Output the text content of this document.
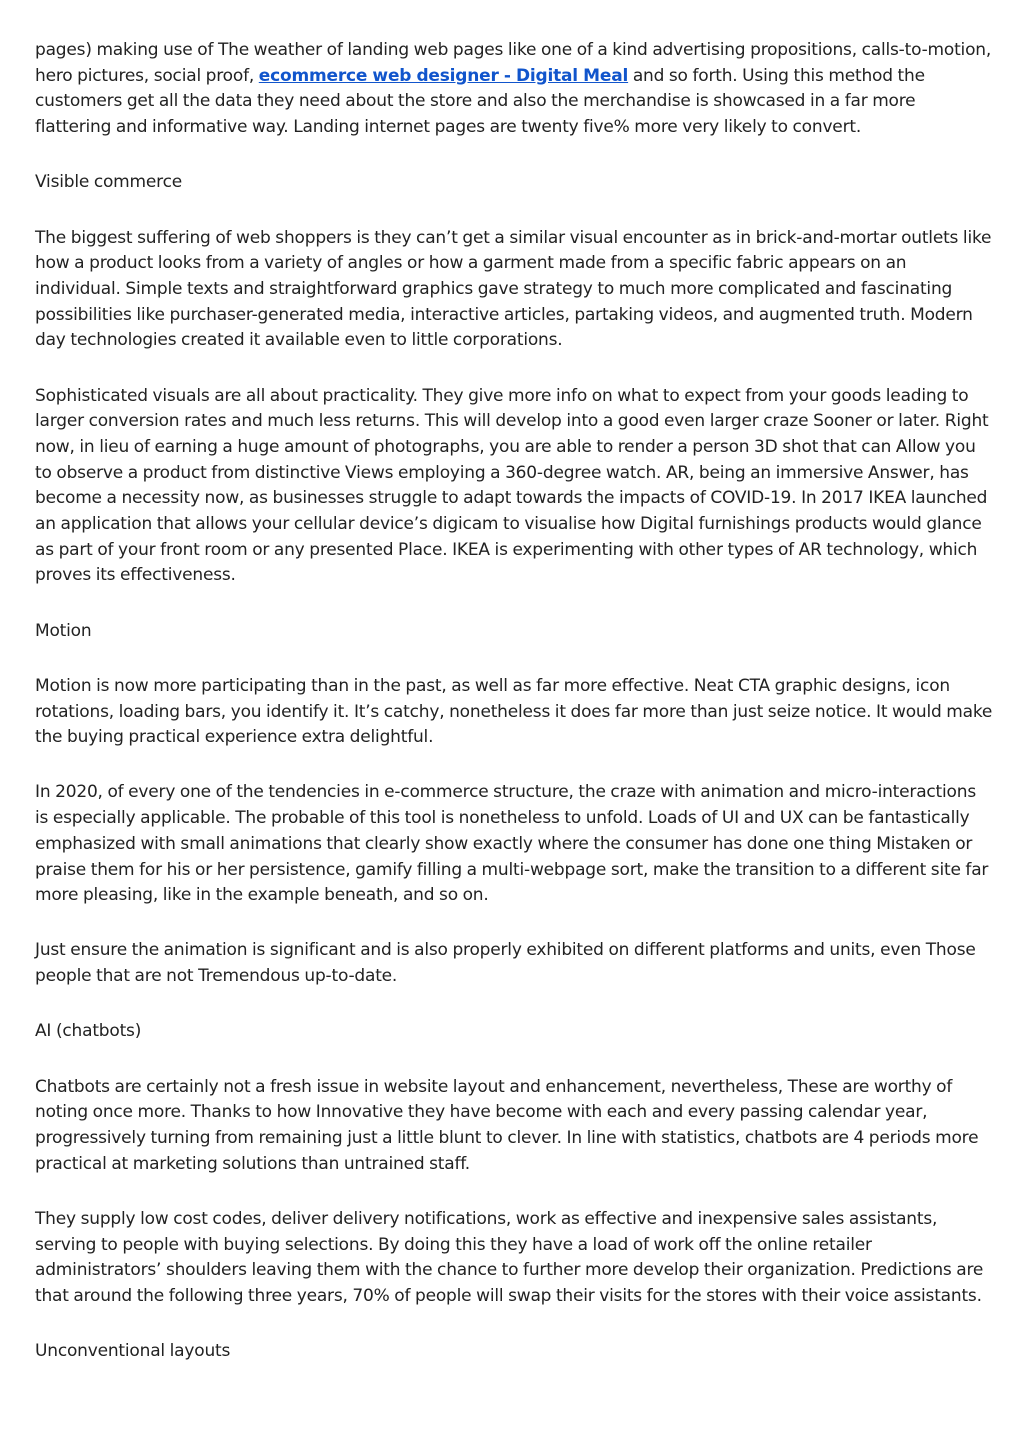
pages) making use of The weather of landing web pages like one of a kind advertising propositions, calls-to-motion, hero pictures, social proof, ecommerce web designer - Digital Meal and so forth. Using this method the customers get all the data they need about the store and also the merchandise is showcased in a far more flattering and informative way. Landing internet pages are twenty five% more very likely to convert.

Visible commerce

The biggest suffering of web shoppers is they can’t get a similar visual encounter as in brick-and-mortar outlets like how a product looks from a variety of angles or how a garment made from a specific fabric appears on an individual. Simple texts and straightforward graphics gave strategy to much more complicated and fascinating possibilities like purchaser-generated media, interactive articles, partaking videos, and augmented truth. Modern day technologies created it available even to little corporations.

Sophisticated visuals are all about practicality. They give more info on what to expect from your goods leading to larger conversion rates and much less returns. This will develop into a good even larger craze Sooner or later. Right now, in lieu of earning a huge amount of photographs, you are able to render a person 3D shot that can Allow you to observe a product from distinctive Views employing a 360-degree watch. AR, being an immersive Answer, has become a necessity now, as businesses struggle to adapt towards the impacts of COVID-19. In 2017 IKEA launched an application that allows your cellular device’s digicam to visualise how Digital furnishings products would glance as part of your front room or any presented Place. IKEA is experimenting with other types of AR technology, which proves its effectiveness.

Motion

Motion is now more participating than in the past, as well as far more effective. Neat CTA graphic designs, icon rotations, loading bars, you identify it. It’s catchy, nonetheless it does far more than just seize notice. It would make the buying practical experience extra delightful.

In 2020, of every one of the tendencies in e-commerce structure, the craze with animation and micro-interactions is especially applicable. The probable of this tool is nonetheless to unfold. Loads of UI and UX can be fantastically emphasized with small animations that clearly show exactly where the consumer has done one thing Mistaken or praise them for his or her persistence, gamify filling a multi-webpage sort, make the transition to a different site far more pleasing, like in the example beneath, and so on.

Just ensure the animation is significant and is also properly exhibited on different platforms and units, even Those people that are not Tremendous up-to-date.

AI (chatbots)

Chatbots are certainly not a fresh issue in website layout and enhancement, nevertheless, These are worthy of noting once more. Thanks to how Innovative they have become with each and every passing calendar year, progressively turning from remaining just a little blunt to clever. In line with statistics, chatbots are 4 periods more practical at marketing solutions than untrained staff.

They supply low cost codes, deliver delivery notifications, work as effective and inexpensive sales assistants, serving to people with buying selections. By doing this they have a load of work off the online retailer administrators’ shoulders leaving them with the chance to further more develop their organization. Predictions are that around the following three years, 70% of people will swap their visits for the stores with their voice assistants.

Unconventional layouts
